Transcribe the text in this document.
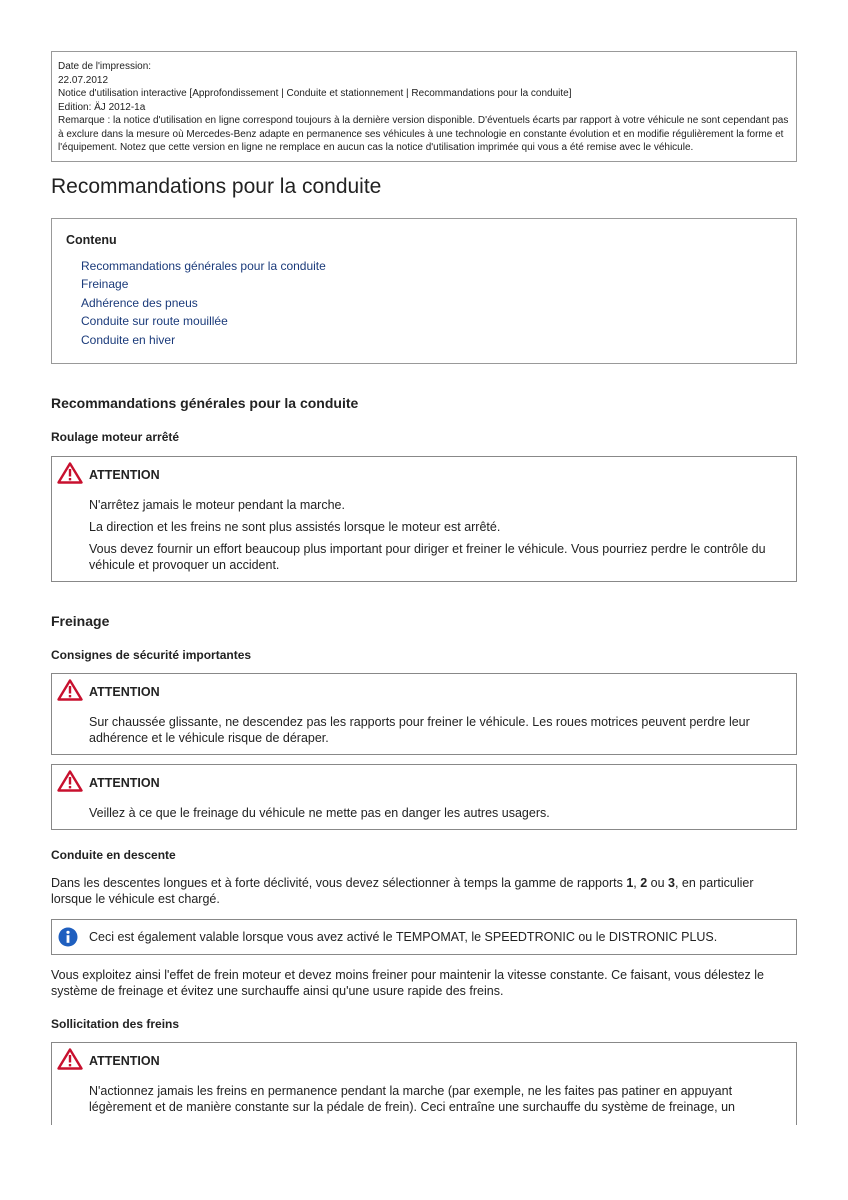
Date de l'impression:
22.07.2012
Notice d'utilisation interactive [Approfondissement | Conduite et stationnement | Recommandations pour la conduite]
Edition: ÄJ 2012-1a
Remarque : la notice d'utilisation en ligne correspond toujours à la dernière version disponible. D'éventuels écarts par rapport à votre véhicule ne sont cependant pas à exclure dans la mesure où Mercedes-Benz adapte en permanence ses véhicules à une technologie en constante évolution et en modifie régulièrement la forme et l'équipement. Notez que cette version en ligne ne remplace en aucun cas la notice d'utilisation imprimée qui vous a été remise avec le véhicule.
Recommandations pour la conduite
Contenu
Recommandations générales pour la conduite
Freinage
Adhérence des pneus
Conduite sur route mouillée
Conduite en hiver
Recommandations générales pour la conduite
Roulage moteur arrêté
ATTENTION

N'arrêtez jamais le moteur pendant la marche.

La direction et les freins ne sont plus assistés lorsque le moteur est arrêté.

Vous devez fournir un effort beaucoup plus important pour diriger et freiner le véhicule. Vous pourriez perdre le contrôle du véhicule et provoquer un accident.

Freinage
Consignes de sécurité importantes
ATTENTION

Sur chaussée glissante, ne descendez pas les rapports pour freiner le véhicule. Les roues motrices peuvent perdre leur adhérence et le véhicule risque de déraper.

ATTENTION

Veillez à ce que le freinage du véhicule ne mette pas en danger les autres usagers.

Conduite en descente

Dans les descentes longues et à forte déclivité, vous devez sélectionner à temps la gamme de rapports 1, 2 ou 3, en particulier lorsque le véhicule est chargé.

Ceci est également valable lorsque vous avez activé le TEMPOMAT, le SPEEDTRONIC ou le DISTRONIC PLUS.

Vous exploitez ainsi l'effet de frein moteur et devez moins freiner pour maintenir la vitesse constante. Ce faisant, vous délestez le système de freinage et évitez une surchauffe ainsi qu'une usure rapide des freins.

Sollicitation des freins
ATTENTION

N'actionnez jamais les freins en permanence pendant la marche (par exemple, ne les faites pas patiner en appuyant légèrement et de manière constante sur la pédale de frein). Ceci entraîne une surchauffe du système de freinage, un
